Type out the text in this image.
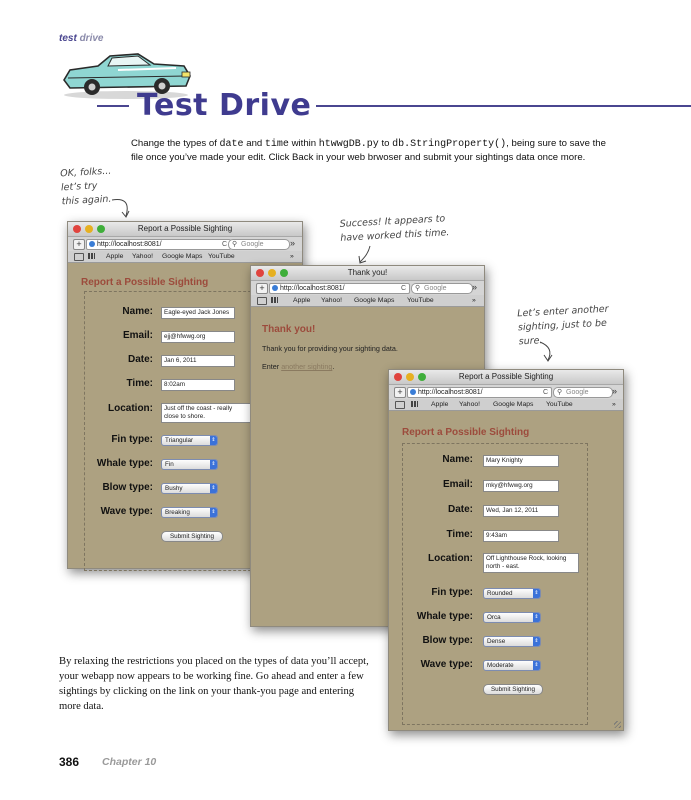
test drive
Test Drive
Change the types of date and time within htwwgDB.py to db.StringProperty(), being sure to save the file once you’ve made your edit. Click Back in your web brwoser and submit your sightings data once more.
OK, folks...
let’s try
this again.
Success! It appears to
have worked this time.
Let’s enter another
sighting, just to be
sure.
Report a Possible Sighting
+	http://localhost:8081/	C ⚲ Google	»
Apple Yahoo! Google Maps YouTube	»
Report a Possible Sighting
Name:	Eagle-eyed Jack Jones
Email:	ejj@hfwwg.org
Date:	Jan 6, 2011
Time:	8:02am
Location:	Just off the coast - really close to shore.
Fin type:	Triangular	⇕
Whale type:	Fin	⇕
Blow type:	Bushy	⇕
Wave type:	Breaking	⇕
Submit Sighting
Thank you!
+	http://localhost:8081/	C ⚲ Google	»
Apple Yahoo! Google Maps YouTube	»
Thank you!
Thank you for providing your sighting data.
Enter another sighting.
Report a Possible Sighting
+	http://localhost:8081/	C ⚲ Google	»
Apple Yahoo! Google Maps YouTube	»
Report a Possible Sighting
Name:	Mary Knighty
Email:	mky@hfwwg.org
Date:	Wed, Jan 12, 2011
Time:	9:43am
Location:	Off Lighthouse Rock, looking north - east.
Fin type:	Rounded	⇕
Whale type:	Orca	⇕
Blow type:	Dense	⇕
Wave type:	Moderate	⇕
Submit Sighting
By relaxing the restrictions you placed on the types of data you’ll accept, your webapp now appears to be working fine. Go ahead and enter a few sightings by clicking on the link on your thank-you page and entering more data.
386 Chapter 10
